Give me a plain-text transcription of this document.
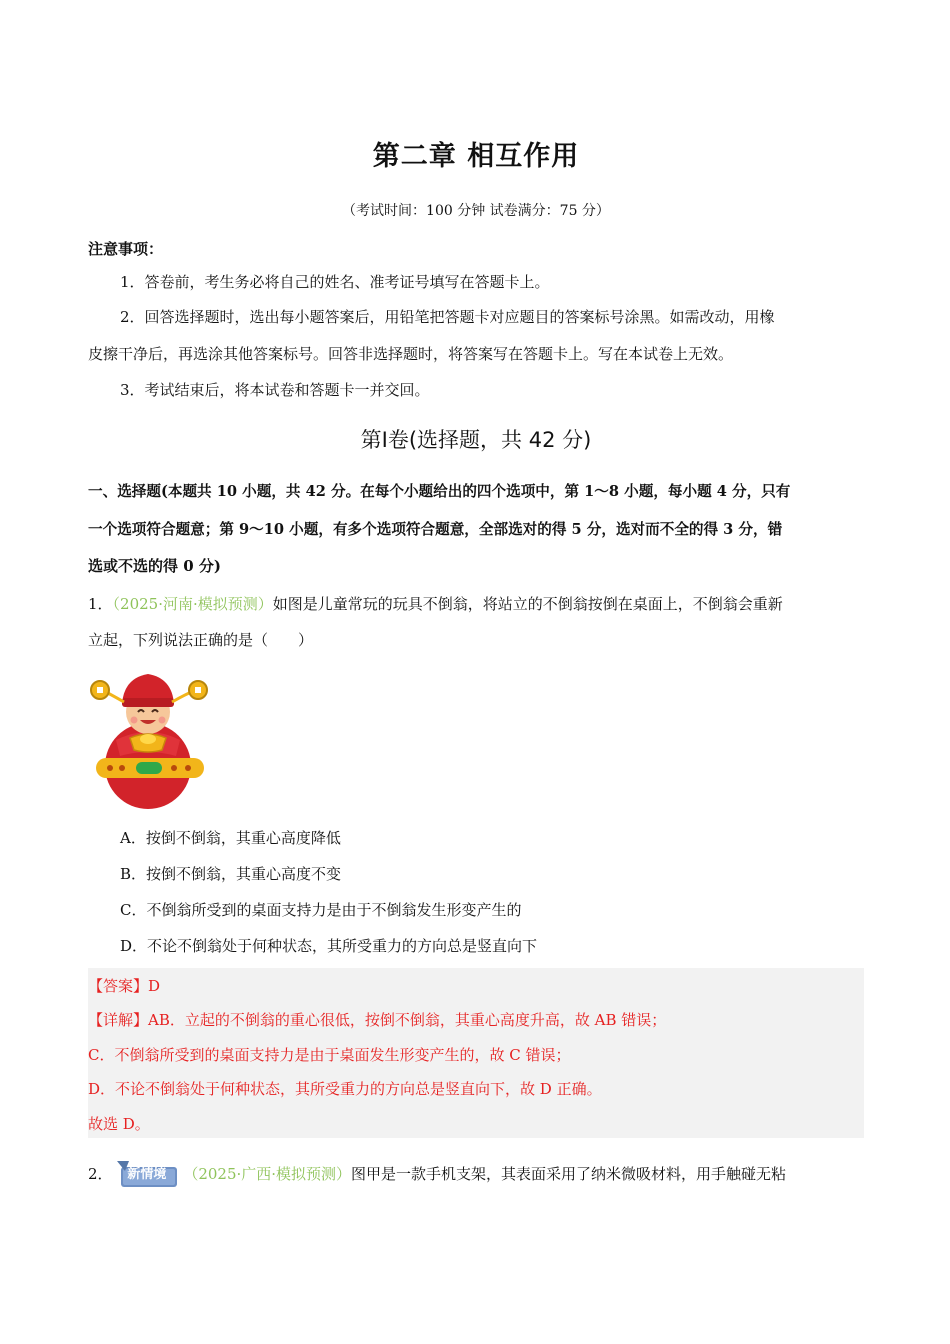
第二章 相互作用
（考试时间：100 分钟 试卷满分：75 分）
注意事项：
1．答卷前，考生务必将自己的姓名、准考证号填写在答题卡上。
2．回答选择题时，选出每小题答案后，用铅笔把答题卡对应题目的答案标号涂黑。如需改动，用橡
皮擦干净后，再选涂其他答案标号。回答非选择题时，将答案写在答题卡上。写在本试卷上无效。
3．考试结束后，将本试卷和答题卡一并交回。
第Ⅰ卷(选择题，共 42 分)
一、选择题(本题共 10 小题，共 42 分。在每个小题给出的四个选项中，第 1～8 小题，每小题 4 分，只有
一个选项符合题意；第 9～10 小题，有多个选项符合题意，全部选对的得 5 分，选对而不全的得 3 分，错
选或不选的得 0 分)
1．（2025·河南·模拟预测）如图是儿童常玩的玩具不倒翁，将站立的不倒翁按倒在桌面上，不倒翁会重新
立起，下列说法正确的是（　　）
A．按倒不倒翁，其重心高度降低
B．按倒不倒翁，其重心高度不变
C．不倒翁所受到的桌面支持力是由于不倒翁发生形变产生的
D．不论不倒翁处于何种状态，其所受重力的方向总是竖直向下
【答案】D
【详解】AB．立起的不倒翁的重心很低，按倒不倒翁，其重心高度升高，故 AB 错误；
C．不倒翁所受到的桌面支持力是由于桌面发生形变产生的，故 C 错误；
D．不论不倒翁处于何种状态，其所受重力的方向总是竖直向下，故 D 正确。
故选 D。
2． 新情境 （2025·广西·模拟预测）图甲是一款手机支架，其表面采用了纳米微吸材料，用手触碰无粘
